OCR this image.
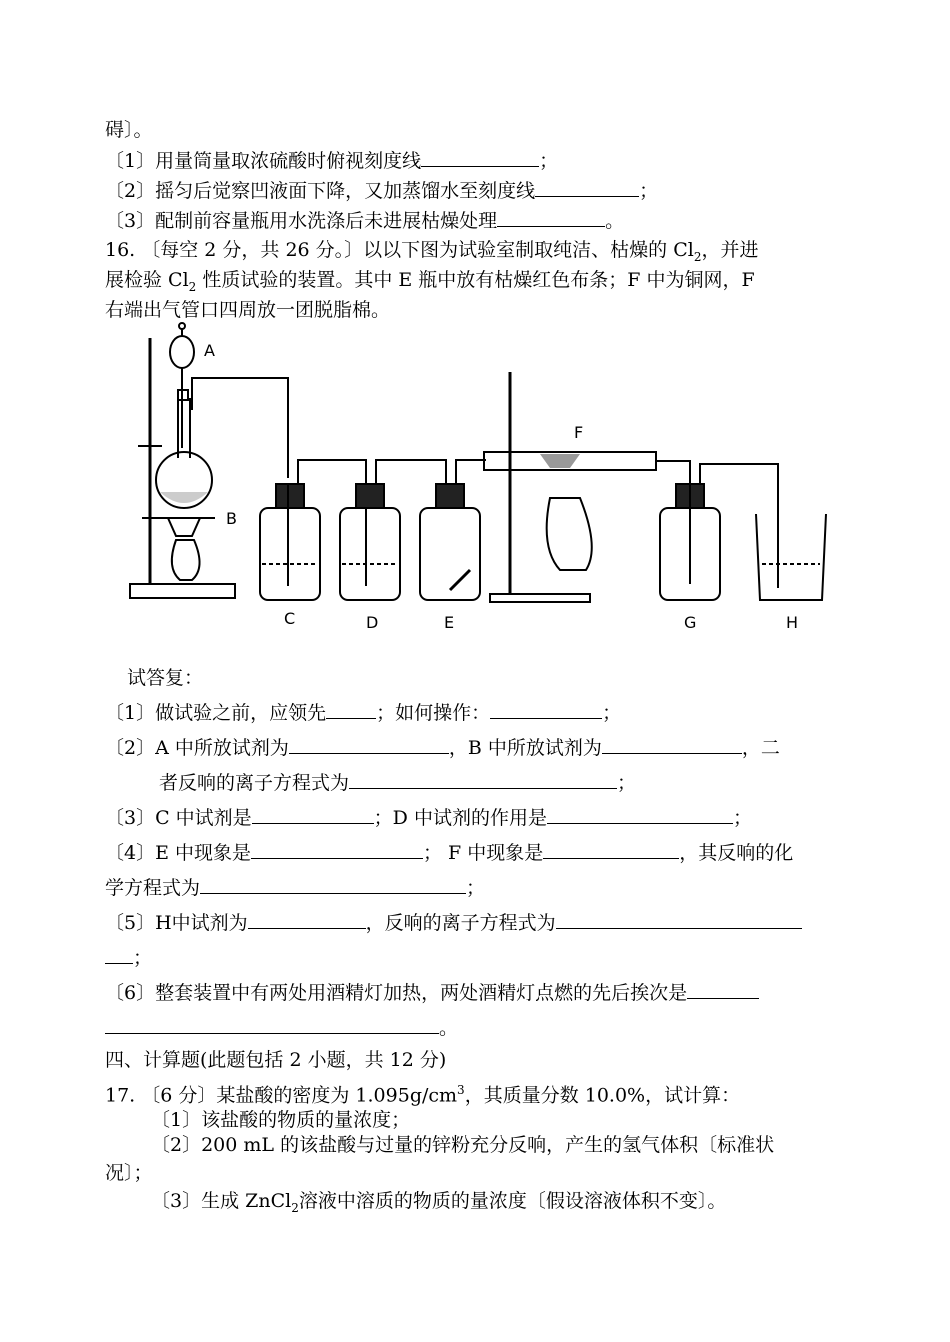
碍〕。
〔1〕用量筒量取浓硫酸时俯视刻度线	；
〔2〕摇匀后觉察凹液面下降，又加蒸馏水至刻度线	；
〔3〕配制前容量瓶用水洗涤后未进展枯燥处理	。
16. 〔每空 2 分，共 26 分。〕以以下图为试验室制取纯洁、枯燥的 $Cl_2$，并进
展检验 $Cl_2$ 性质试验的装置。其中 E 瓶中放有枯燥红色布条；F 中为铜网，F
右端出气管口四周放一团脱脂棉。
A
B
C	D	E
F
G	H
试答复：
〔1〕做试验之前，应领先	；如何操作：	；
〔2〕A 中所放试剂为	，B 中所放试剂为	，二
者反响的离子方程式为	；
〔3〕C 中试剂是	；D 中试剂的作用是	；
〔4〕E 中现象是	； F 中现象是	，其反响的化
学方程式为	；
〔5〕H中试剂为	，反响的离子方程式为
；
〔6〕整套装置中有两处用酒精灯加热，两处酒精灯点燃的先后挨次是
。
四、计算题(此题包括 2 小题，共 12 分)
17. 〔6 分〕某盐酸的密度为 $1.095g/cm^3$，其质量分数 10.0%，试计算：
〔1〕该盐酸的物质的量浓度；
〔2〕200 mL 的该盐酸与过量的锌粉充分反响，产生的氢气体积〔标准状
况〕；
〔3〕生成 ZnCl$_2$溶液中溶质的物质的量浓度〔假设溶液体积不变〕。
